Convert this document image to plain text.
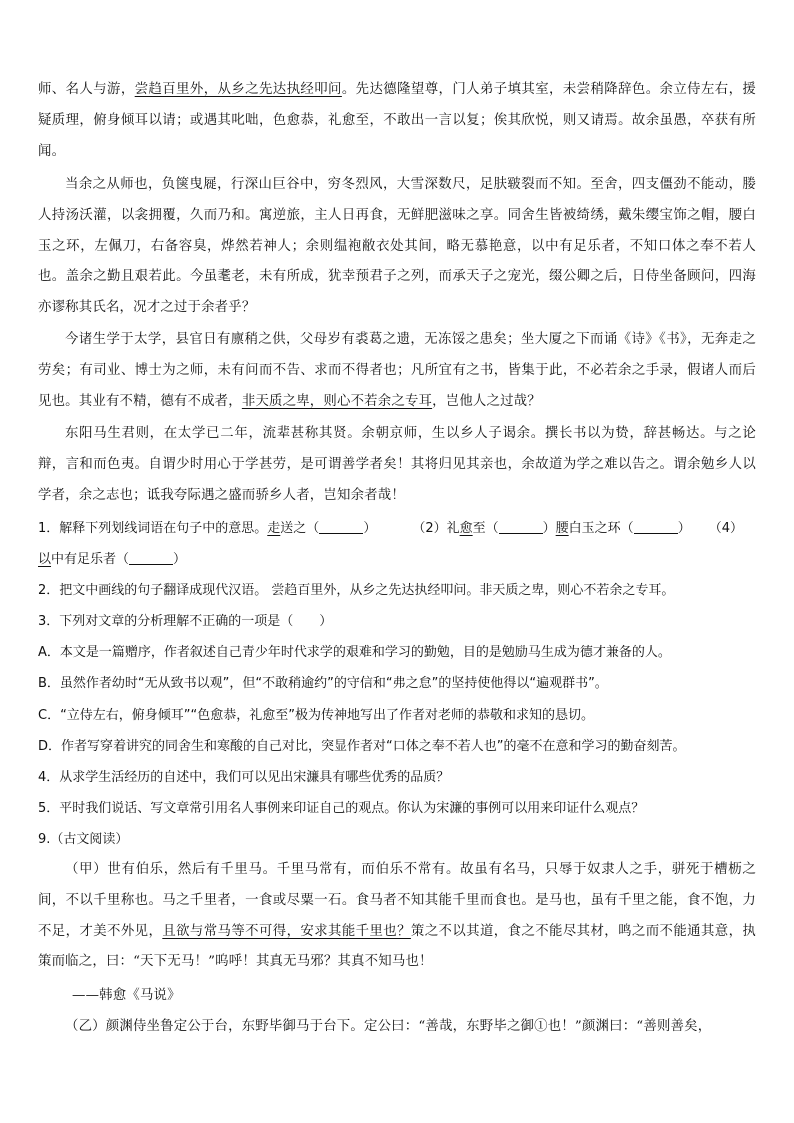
师、名人与游，尝趋百里外，从乡之先达执经叩问。先达德隆望尊，门人弟子填其室，未尝稍降辞色。余立侍左右，援疑质理，俯身倾耳以请；或遇其叱咄，色愈恭，礼愈至，不敢出一言以复；俟其欣悦，则又请焉。故余虽愚，卒获有所闻。

当余之从师也，负箧曳屣，行深山巨谷中，穷冬烈风，大雪深数尺，足肤皲裂而不知。至舍，四支僵劲不能动，媵人持汤沃灌，以衾拥覆，久而乃和。寓逆旅，主人日再食，无鲜肥滋味之享。同舍生皆被绮绣，戴朱缨宝饰之帽，腰白玉之环，左佩刀，右备容臭，烨然若神人；余则缊袍敝衣处其间，略无慕艳意，以中有足乐者，不知口体之奉不若人也。盖余之勤且艰若此。今虽耄老，未有所成，犹幸预君子之列，而承天子之宠光，缀公卿之后，日侍坐备顾问，四海亦谬称其氏名，况才之过于余者乎？

今诸生学于太学，县官日有廪稍之供，父母岁有裘葛之遗，无冻馁之患矣；坐大厦之下而诵《诗》《书》，无奔走之劳矣；有司业、博士为之师，未有问而不告、求而不得者也；凡所宜有之书，皆集于此，不必若余之手录，假诸人而后见也。其业有不精，德有不成者，非天质之卑，则心不若余之专耳，岂他人之过哉？

东阳马生君则，在太学已二年，流辈甚称其贤。余朝京师，生以乡人子谒余。撰长书以为贽，辞甚畅达。与之论辩，言和而色夷。自谓少时用心于学甚劳，是可谓善学者矣！其将归见其亲也，余故道为学之难以告之。谓余勉乡人以学者，余之志也；诋我夸际遇之盛而骄乡人者，岂知余者哉！

1．解释下列划线词语在句子中的意思。走送之（	）	（2）礼愈至（	）腰白玉之环（	） （4）

以中有足乐者（	）

2．把文中画线的句子翻译成现代汉语。 尝趋百里外，从乡之先达执经叩问。非天质之卑，则心不若余之专耳。

3．下列对文章的分析理解不正确的一项是（　　）

A．本文是一篇赠序，作者叙述自己青少年时代求学的艰难和学习的勤勉，目的是勉励马生成为德才兼备的人。

B．虽然作者幼时“无从致书以观”，但“不敢稍逾约”的守信和“弗之怠”的坚持使他得以“遍观群书”。

C．“立侍左右，俯身倾耳”“色愈恭，礼愈至”极为传神地写出了作者对老师的恭敬和求知的恳切。

D．作者写穿着讲究的同舍生和寒酸的自己对比，突显作者对“口体之奉不若人也”的毫不在意和学习的勤奋刻苦。

4．从求学生活经历的自述中，我们可以见出宋濂具有哪些优秀的品质？

5．平时我们说话、写文章常引用名人事例来印证自己的观点。你认为宋濂的事例可以用来印证什么观点？

9.（古文阅读）

（甲）世有伯乐，然后有千里马。千里马常有，而伯乐不常有。故虽有名马，只辱于奴隶人之手，骈死于槽枥之间，不以千里称也。马之千里者，一食或尽粟一石。食马者不知其能千里而食也。是马也，虽有千里之能，食不饱，力不足，才美不外见，且欲与常马等不可得，安求其能千里也？策之不以其道，食之不能尽其材，鸣之而不能通其意，执策而临之，曰：“天下无马！”呜呼！其真无马邪？其真不知马也！

——韩愈《马说》

（乙）颜渊侍坐鲁定公于台，东野毕御马于台下。定公曰：“善哉，东野毕之御①也！”颜渊曰：“善则善矣，
